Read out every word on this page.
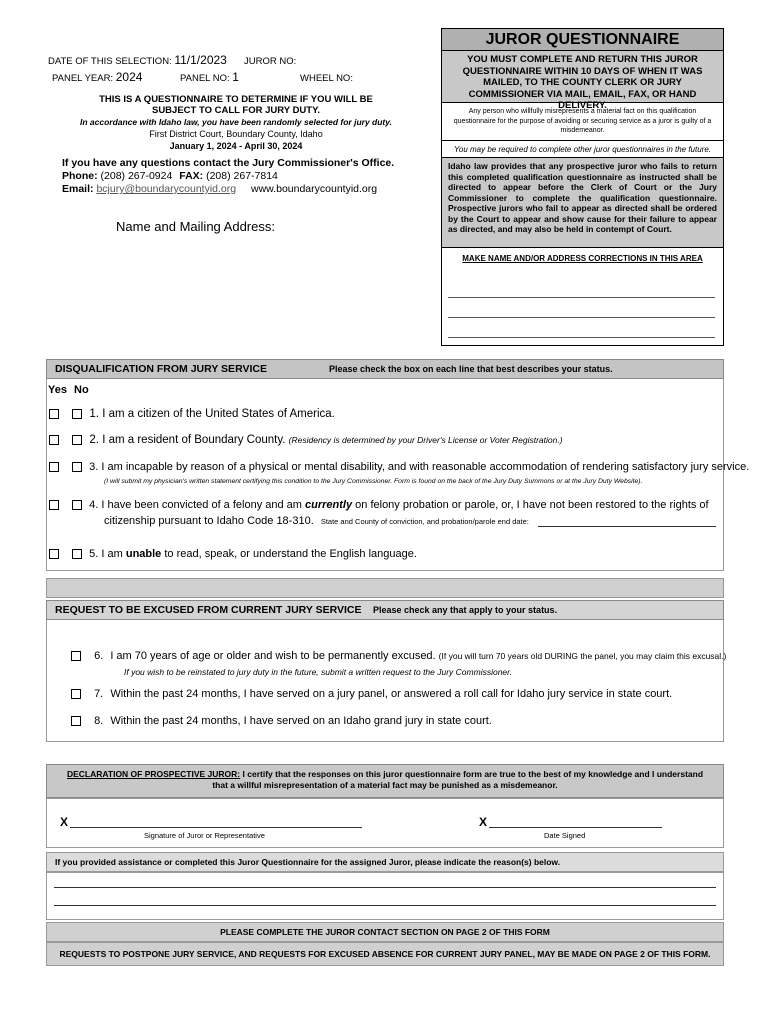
DATE OF THIS SELECTION: 11/1/2023 JUROR NO:
PANEL YEAR: 2024	PANEL NO: 1	WHEEL NO:
THIS IS A QUESTIONNAIRE TO DETERMINE IF YOU WILL BE
SUBJECT TO CALL FOR JURY DUTY.
In accordance with Idaho law, you have been randomly selected for jury duty.
First District Court, Boundary County, Idaho
January 1, 2024 - April 30, 2024
If you have any questions contact the Jury Commissioner's Office.
Phone: (208) 267-0924 FAX: (208) 267-7814
Email: bcjury@boundarycountyid.org www.boundarycountyid.org
Name and Mailing Address:
JUROR QUESTIONNAIRE
YOU MUST COMPLETE AND RETURN THIS JUROR QUESTIONNAIRE WITHIN 10 DAYS OF WHEN IT WAS MAILED, TO THE COUNTY CLERK OR JURY COMMISSIONER VIA MAIL, EMAIL, FAX, OR HAND DELIVERY.
Any person who willfully misrepresents a material fact on this qualification questionnaire for the purpose of avoiding or securing service as a juror is guilty of a misdemeanor.
You may be required to complete other juror questionnaires in the future.
Idaho law provides that any prospective juror who fails to return this completed qualification questionnaire as instructed shall be directed to appear before the Clerk of Court or the Jury Commissioner to complete the qualification questionnaire. Prospective jurors who fail to appear as directed shall be ordered by the Court to appear and show cause for their failure to appear as directed, and may also be held in contempt of Court.
MAKE NAME AND/OR ADDRESS CORRECTIONS IN THIS AREA
DISQUALIFICATION FROM JURY SERVICE	Please check the box on each line that best describes your status.
Yes No
1. I am a citizen of the United States of America.
2. I am a resident of Boundary County. (Residency is determined by your Driver's License or Voter Registration.)
3. I am incapable by reason of a physical or mental disability, and with reasonable accommodation of rendering satisfactory jury service.
(I will submit my physician's written statement certifying this condition to the Jury Commissioner. Form is found on the back of the Jury Duty Summons or at the Jury Duty Website).
4. I have been convicted of a felony and am currently on felony probation or parole, or, I have not been restored to the rights of
citizenship pursuant to Idaho Code 18-310. State and County of conviction, and probation/parole end date:
5. I am unable to read, speak, or understand the English language.
REQUEST TO BE EXCUSED FROM CURRENT JURY SERVICE Please check any that apply to your status.
6. I am 70 years of age or older and wish to be permanently excused. (If you will turn 70 years old DURING the panel, you may claim this excusal.)
If you wish to be reinstated to jury duty in the future, submit a written request to the Jury Commissioner.
7. Within the past 24 months, I have served on a jury panel, or answered a roll call for Idaho jury service in state court.
8. Within the past 24 months, I have served on an Idaho grand jury in state court.
DECLARATION OF PROSPECTIVE JUROR: I certify that the responses on this juror questionnaire form are true to the best of my knowledge and I understand
that a willful misrepresentation of a material fact may be punished as a misdemeanor.
X
Signature of Juror or Representative
X
Date Signed
If you provided assistance or completed this Juror Questionnaire for the assigned Juror, please indicate the reason(s) below.
PLEASE COMPLETE THE JUROR CONTACT SECTION ON PAGE 2 OF THIS FORM
REQUESTS TO POSTPONE JURY SERVICE, AND REQUESTS FOR EXCUSED ABSENCE FOR CURRENT JURY PANEL, MAY BE MADE ON PAGE 2 OF THIS FORM.
